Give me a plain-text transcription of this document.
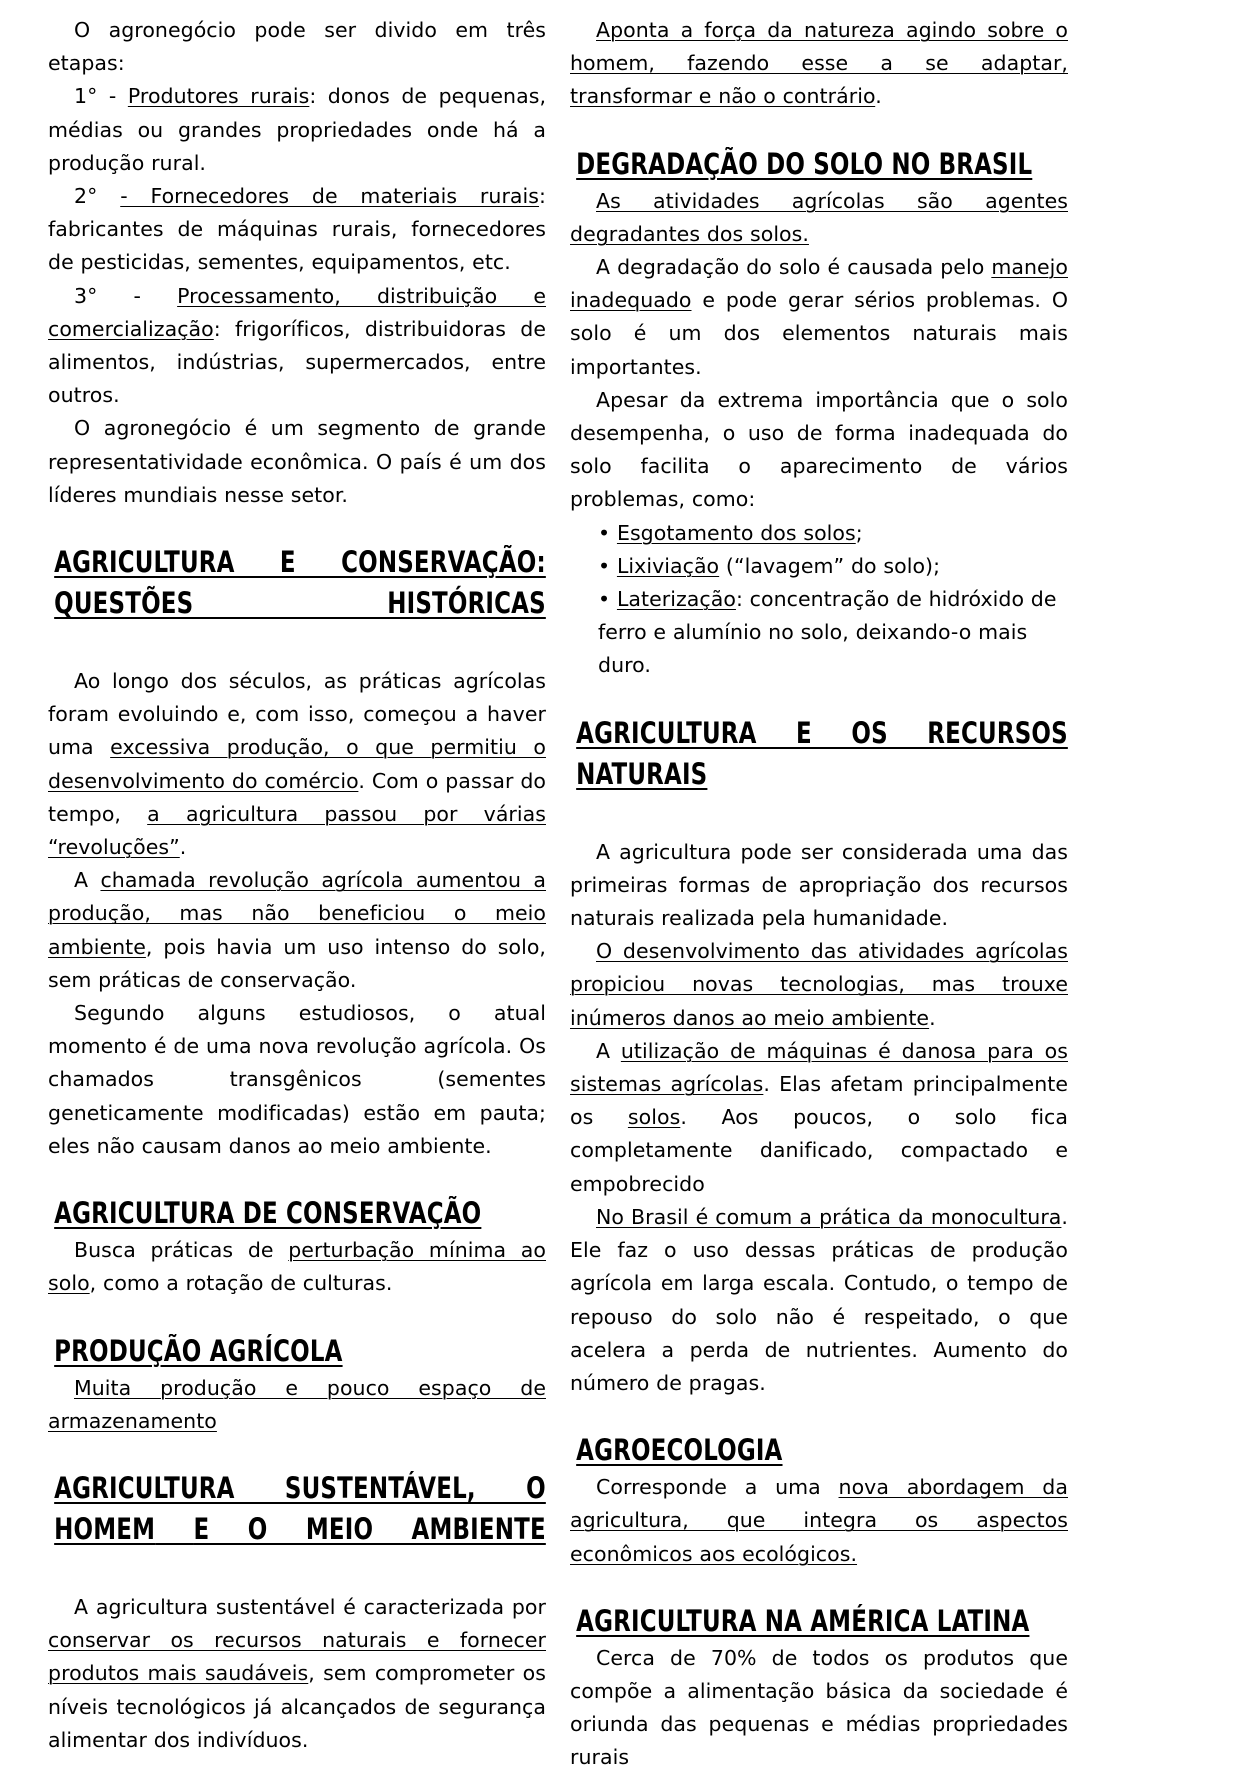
O agronegócio pode ser divido em três etapas:

1° - Produtores rurais: donos de pequenas, médias ou grandes propriedades onde há a produção rural.

2° - Fornecedores de materiais rurais: fabricantes de máquinas rurais, fornecedores de pesticidas, sementes, equipamentos, etc.

3° - Processamento, distribuição e comercialização: frigoríficos, distribuidoras de alimentos, indústrias, supermercados, entre outros.

O agronegócio é um segmento de grande representatividade econômica. O país é um dos líderes mundiais nesse setor.

AGRICULTURA E CONSERVAÇÃO: QUESTÕES HISTÓRICAS

Ao longo dos séculos, as práticas agrícolas foram evoluindo e, com isso, começou a haver uma excessiva produção, o que permitiu o desenvolvimento do comércio. Com o passar do tempo, a agricultura passou por várias “revoluções”.

A chamada revolução agrícola aumentou a produção, mas não beneficiou o meio ambiente, pois havia um uso intenso do solo, sem práticas de conservação.

Segundo alguns estudiosos, o atual momento é de uma nova revolução agrícola. Os chamados transgênicos (sementes geneticamente modificadas) estão em pauta; eles não causam danos ao meio ambiente.

AGRICULTURA DE CONSERVAÇÃO

Busca práticas de perturbação mínima ao solo, como a rotação de culturas.

PRODUÇÃO AGRÍCOLA

Muita produção e pouco espaço de armazenamento

AGRICULTURA SUSTENTÁVEL, O HOMEM E O MEIO AMBIENTE

A agricultura sustentável é caracterizada por conservar os recursos naturais e fornecer produtos mais saudáveis, sem comprometer os níveis tecnológicos já alcançados de segurança alimentar dos indivíduos.

Aponta a força da natureza agindo sobre o homem, fazendo esse a se adaptar, transformar e não o contrário.

DEGRADAÇÃO DO SOLO NO BRASIL

As atividades agrícolas são agentes degradantes dos solos.

A degradação do solo é causada pelo manejo inadequado e pode gerar sérios problemas. O solo é um dos elementos naturais mais importantes.

Apesar da extrema importância que o solo desempenha, o uso de forma inadequada do solo facilita o aparecimento de vários problemas, como:

• Esgotamento dos solos;

• Lixiviação (“lavagem” do solo);

• Laterização: concentração de hidróxido de ferro e alumínio no solo, deixando-o mais duro.

AGRICULTURA E OS RECURSOS NATURAIS

A agricultura pode ser considerada uma das primeiras formas de apropriação dos recursos naturais realizada pela humanidade.

O desenvolvimento das atividades agrícolas propiciou novas tecnologias, mas trouxe inúmeros danos ao meio ambiente.

A utilização de máquinas é danosa para os sistemas agrícolas. Elas afetam principalmente os solos. Aos poucos, o solo fica completamente danificado, compactado e empobrecido

No Brasil é comum a prática da monocultura. Ele faz o uso dessas práticas de produção agrícola em larga escala. Contudo, o tempo de repouso do solo não é respeitado, o que acelera a perda de nutrientes. Aumento do número de pragas.

AGROECOLOGIA

Corresponde a uma nova abordagem da agricultura, que integra os aspectos econômicos aos ecológicos.

AGRICULTURA NA AMÉRICA LATINA

Cerca de 70% de todos os produtos que compõe a alimentação básica da sociedade é oriunda das pequenas e médias propriedades rurais
